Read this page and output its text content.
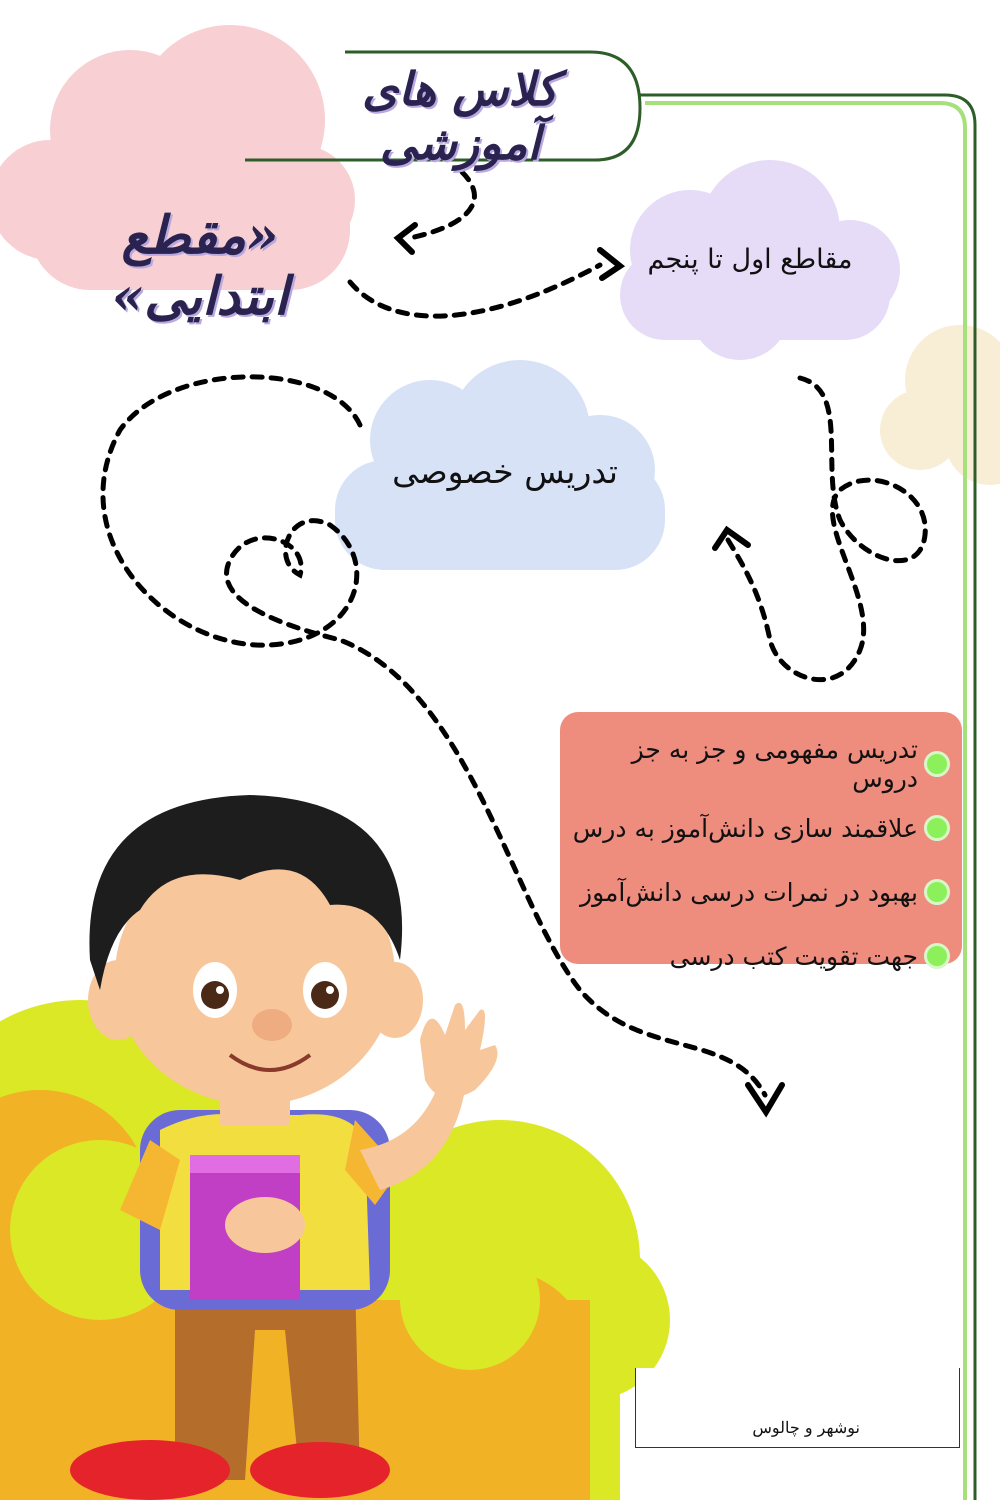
کلاس های آموزشی
«مقطع ابتدایی»
مقاطع اول تا پنجم
تدریس خصوصی
تدریس مفهومی و جز به جز دروس
علاقمند سازی دانش‌آموز به درس
بهبود در نمرات درسی دانش‌آموز
جهت تقویت کتب درسی
نوشهر و چالوس
